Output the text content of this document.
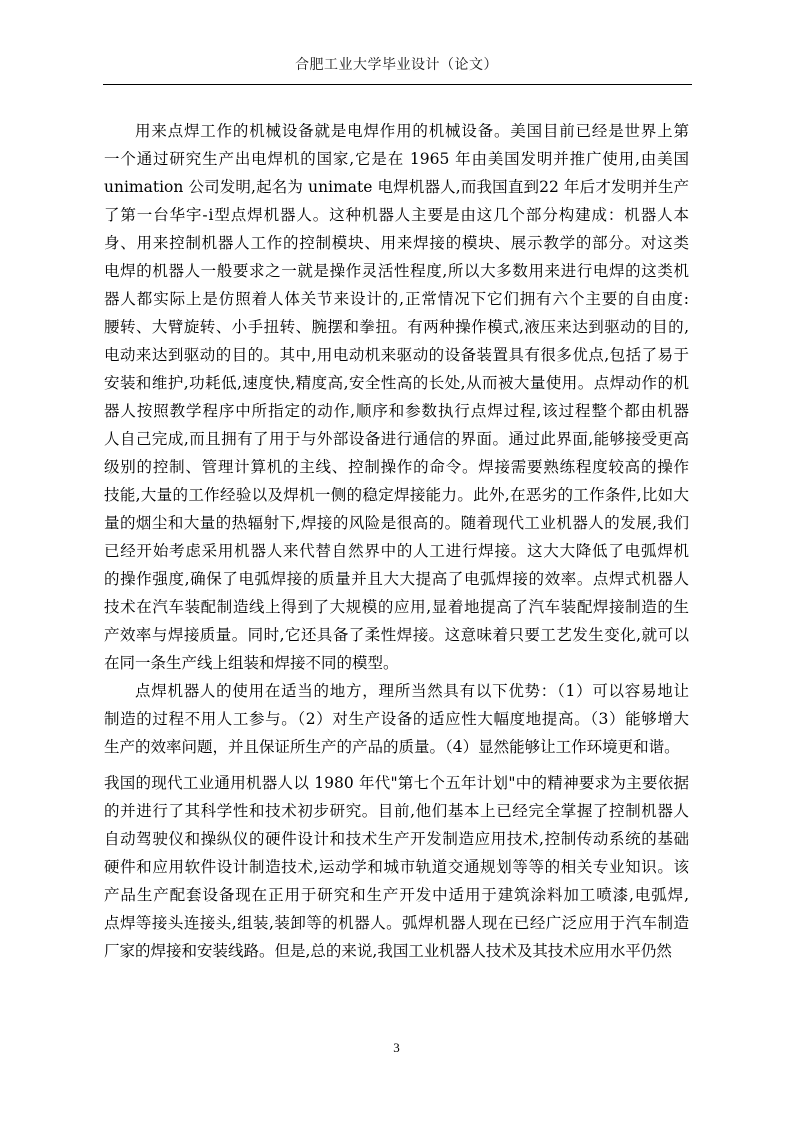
合肥工业大学毕业设计（论文）
用来点焊工作的机械设备就是电焊作用的机械设备。美国目前已经是世界上第
一个通过研究生产出电焊机的国家,它是在 1965 年由美国发明并推广使用,由美国
unimation 公司发明,起名为 unimate 电焊机器人,而我国直到22 年后才发明并生产
了第一台华宇-ⅰ型点焊机器人。这种机器人主要是由这几个部分构建成：机器人本
身、用来控制机器人工作的控制模块、用来焊接的模块、展示教学的部分。对这类
电焊的机器人一般要求之一就是操作灵活性程度,所以大多数用来进行电焊的这类机
器人都实际上是仿照着人体关节来设计的,正常情况下它们拥有六个主要的自由度:
腰转、大臂旋转、小手扭转、腕摆和拳扭。有两种操作模式,液压来达到驱动的目的,
电动来达到驱动的目的。其中,用电动机来驱动的设备装置具有很多优点,包括了易于
安装和维护,功耗低,速度快,精度高,安全性高的长处,从而被大量使用。点焊动作的机
器人按照教学程序中所指定的动作,顺序和参数执行点焊过程,该过程整个都由机器
人自己完成,而且拥有了用于与外部设备进行通信的界面。通过此界面,能够接受更高
级别的控制、管理计算机的主线、控制操作的命令。焊接需要熟练程度较高的操作
技能,大量的工作经验以及焊机一侧的稳定焊接能力。此外,在恶劣的工作条件,比如大
量的烟尘和大量的热辐射下,焊接的风险是很高的。随着现代工业机器人的发展,我们
已经开始考虑采用机器人来代替自然界中的人工进行焊接。这大大降低了电弧焊机
的操作强度,确保了电弧焊接的质量并且大大提高了电弧焊接的效率。点焊式机器人
技术在汽车装配制造线上得到了大规模的应用,显着地提高了汽车装配焊接制造的生
产效率与焊接质量。同时,它还具备了柔性焊接。这意味着只要工艺发生变化,就可以
在同一条生产线上组装和焊接不同的模型。
点焊机器人的使用在适当的地方，理所当然具有以下优势：（1）可以容易地让
制造的过程不用人工参与。（2）对生产设备的适应性大幅度地提高。（3）能够增大
生产的效率问题，并且保证所生产的产品的质量。（4）显然能够让工作环境更和谐。
我国的现代工业通用机器人以 1980 年代"第七个五年计划"中的精神要求为主要依据
的并进行了其科学性和技术初步研究。目前,他们基本上已经完全掌握了控制机器人
自动驾驶仪和操纵仪的硬件设计和技术生产开发制造应用技术,控制传动系统的基础
硬件和应用软件设计制造技术,运动学和城市轨道交通规划等等的相关专业知识。该
产品生产配套设备现在正用于研究和生产开发中适用于建筑涂料加工喷漆,电弧焊,
点焊等接头连接头,组装,装卸等的机器人。弧焊机器人现在已经广泛应用于汽车制造
厂家的焊接和安装线路。但是,总的来说,我国工业机器人技术及其技术应用水平仍然
3
